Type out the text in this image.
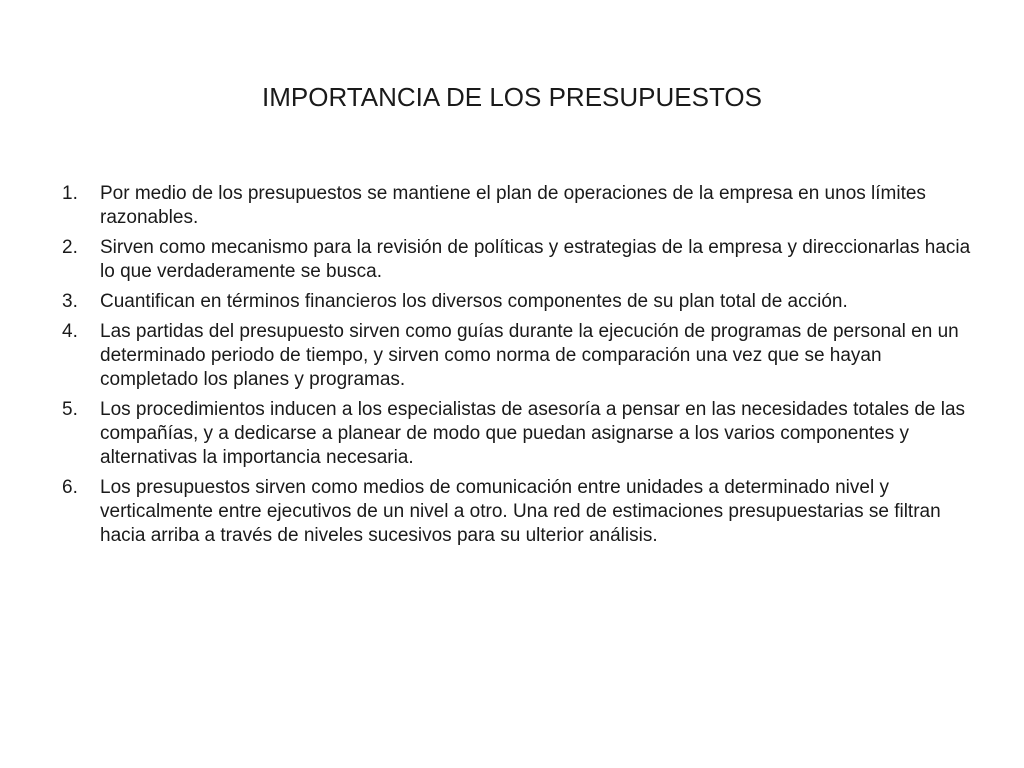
IMPORTANCIA DE LOS PRESUPUESTOS
1.	Por medio de los presupuestos se mantiene el plan de operaciones de la empresa en unos límites razonables.
2.	Sirven como mecanismo para la revisión de políticas y estrategias de la empresa y direccionarlas hacia lo que verdaderamente se busca.
3.	Cuantifican en términos financieros los diversos componentes de su plan total de acción.
4.	Las partidas del presupuesto sirven como guías durante la ejecución de programas de personal en un determinado periodo de tiempo, y sirven como norma de comparación una vez que se hayan completado los planes y programas.
5.	Los procedimientos inducen a los especialistas de asesoría a pensar en las necesidades totales de las compañías, y a dedicarse a planear de modo que puedan asignarse a los varios componentes y alternativas la importancia necesaria.
6.	Los presupuestos sirven como medios de comunicación entre unidades a determinado nivel y verticalmente entre ejecutivos de un nivel a otro. Una red de estimaciones presupuestarias se filtran hacia arriba a través de niveles sucesivos para su ulterior análisis.
